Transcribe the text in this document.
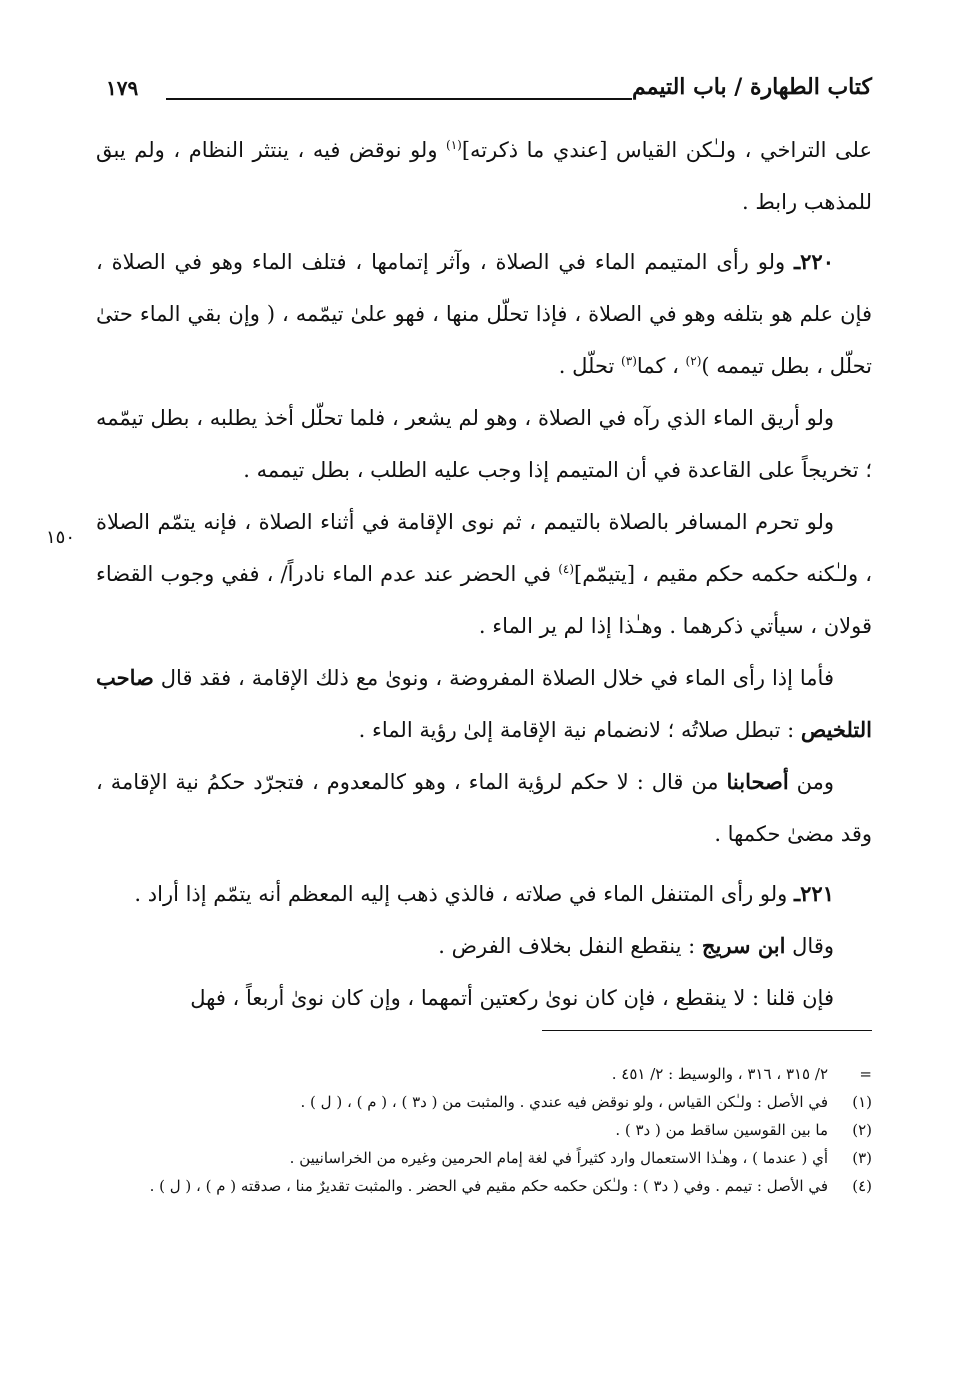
كتاب الطهارة / باب التيمم
١٧٩
١٥٠

على التراخي ، ولـٰكن القياس [عندي ما ذكرته]$^{(١)}$ ولو نوقض فيه ، ينتثر النظام ، ولم يبق للمذهب رابط .

٢٢٠ـ ولو رأى المتيمم الماء في الصلاة ، وآثر إتمامها ، فتلف الماء وهو في الصلاة ، فإن علم هو بتلفه وهو في الصلاة ، فإذا تحلّل منها ، فهو علىٰ تيمّمه ، ( وإن بقي الماء حتىٰ تحلّل ، بطل تيممه )$^{(٢)}$ ، كما$^{(٣)}$ تحلّل .

ولو أريق الماء الذي رآه في الصلاة ، وهو لم يشعر ، فلما تحلّل أخذ يطلبه ، بطل تيمّمه ؛ تخريجاً على القاعدة في أن المتيمم إذا وجب عليه الطلب ، بطل تيممه .

ولو تحرم المسافر بالصلاة بالتيمم ، ثم نوى الإقامة في أثناء الصلاة ، فإنه يتمّم الصلاة ، ولـٰكنه حكمه حكم مقيم ، [يتيمّم]$^{(٤)}$ في الحضر عند عدم الماء نادراً/ ، ففي وجوب القضاء قولان ، سيأتي ذكرهما . وهـٰذا إذا لم ير الماء .

فأما إذا رأى الماء في خلال الصلاة المفروضة ، ونوىٰ مع ذلك الإقامة ، فقد قال صاحب التلخيص : تبطل صلاتُه ؛ لانضمام نية الإقامة إلىٰ رؤية الماء .

ومن أصحابنا من قال : لا حكم لرؤية الماء ، وهو كالمعدوم ، فتجرّد حكمُ نية الإقامة ، وقد مضىٰ حكمها .

٢٢١ـ ولو رأى المتنفل الماء في صلاته ، فالذي ذهب إليه المعظم أنه يتمّم إذا أراد .

وقال ابن سريج : ينقطع النفل بخلاف الفرض .

فإن قلنا : لا ينقطع ، فإن كان نوىٰ ركعتين أتمهما ، وإن كان نوىٰ أربعاً ، فهل

=
٢/ ٣١٥ ، ٣١٦ ، والوسيط : ٢/ ٤٥١ .
(١)
في الأصل : ولـٰكن القياس ، ولو نوقض فيه عندي . والمثبت من ( د٣ ) ، ( م ) ، ( ل ) .
(٢)
ما بين القوسين ساقط من ( د٣ ) .
(٣)
أي ( عندما ) ، وهـٰذا الاستعمال وارد كثيراً في لغة إمام الحرمين وغيره من الخراسانيين .
(٤)
في الأصل : تيمم . وفي ( د٣ ) : ولـٰكن حكمه حكم مقيم في الحضر . والمثبت تقديرٌ منا ، صدقته ( م ) ، ( ل ) .
